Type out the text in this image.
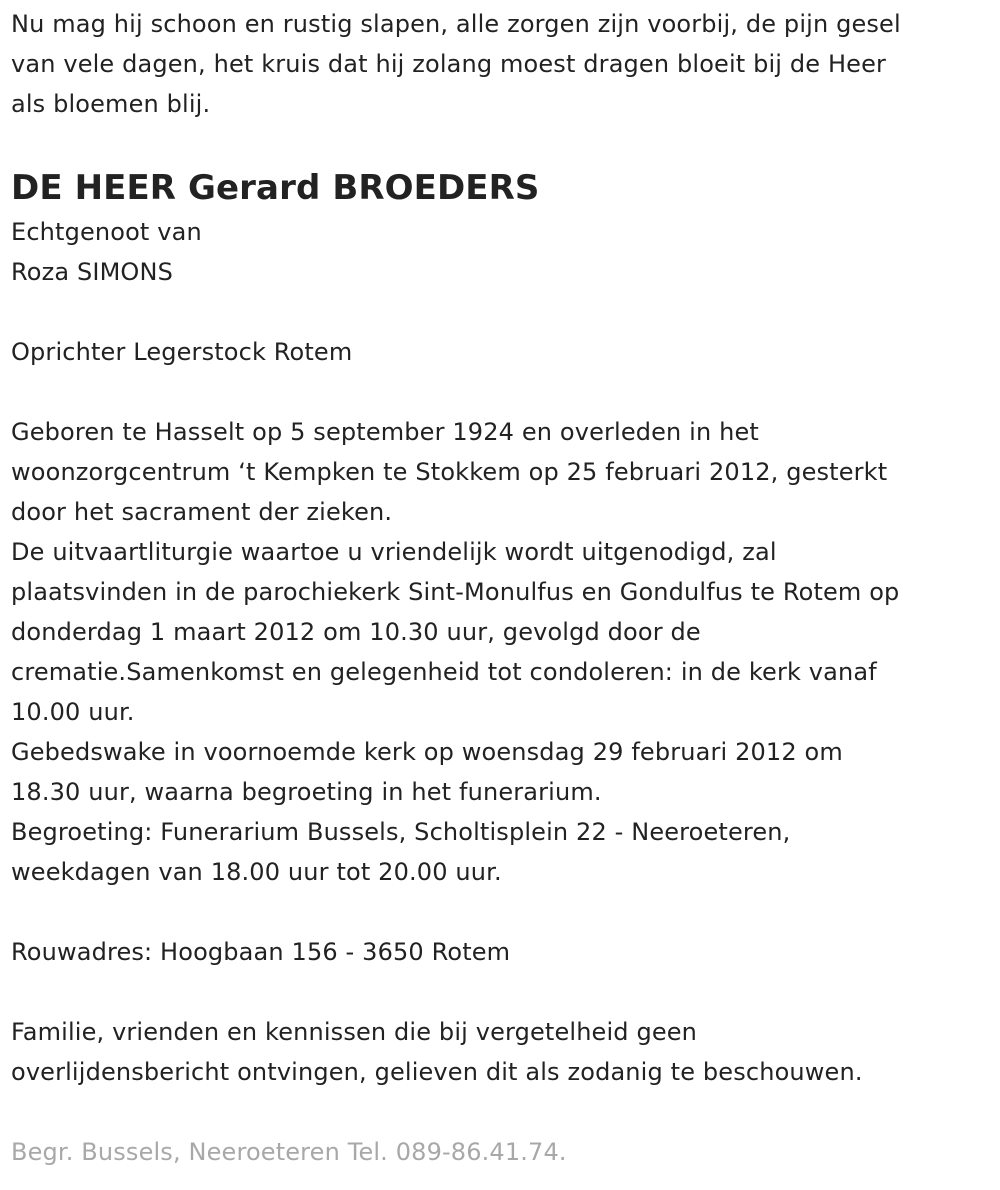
Nu mag hij schoon en rustig slapen, alle zorgen zijn voorbij, de pijn gesel
van vele dagen, het kruis dat hij zolang moest dragen bloeit bij de Heer
als bloemen blij.
DE HEER Gerard BROEDERS
Echtgenoot van
Roza SIMONS
Oprichter Legerstock Rotem
Geboren te Hasselt op 5 september 1924 en overleden in het
woonzorgcentrum ‘t Kempken te Stokkem op 25 februari 2012, gesterkt
door het sacrament der zieken.
De uitvaartliturgie waartoe u vriendelijk wordt uitgenodigd, zal
plaatsvinden in de parochiekerk Sint-Monulfus en Gondulfus te Rotem op
donderdag 1 maart 2012 om 10.30 uur, gevolgd door de
crematie.Samenkomst en gelegenheid tot condoleren: in de kerk vanaf
10.00 uur.
Gebedswake in voornoemde kerk op woensdag 29 februari 2012 om
18.30 uur, waarna begroeting in het funerarium.
Begroeting: Funerarium Bussels, Scholtisplein 22 - Neeroeteren,
weekdagen van 18.00 uur tot 20.00 uur.
Rouwadres: Hoogbaan 156 - 3650 Rotem
Familie, vrienden en kennissen die bij vergetelheid geen
overlijdensbericht ontvingen, gelieven dit als zodanig te beschouwen.
Begr. Bussels, Neeroeteren Tel. 089-86.41.74.
